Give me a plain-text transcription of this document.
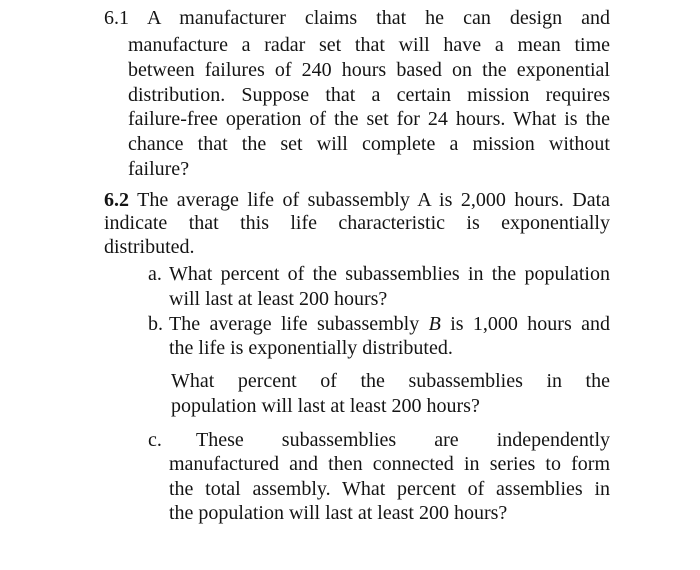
6.1 A manufacturer claims that he can design and
manufacture a radar set that will have a mean time
between failures of 240 hours based on the exponential
distribution. Suppose that a certain mission requires
failure-free operation of the set for 24 hours. What is the
chance that the set will complete a mission without
failure?
6.2 The average life of subassembly A is 2,000 hours. Data
indicate that this life characteristic is exponentially
distributed.
a. What percent of the subassemblies in the population
will last at least 200 hours?
b. The average life subassembly B is 1,000 hours and
the life is exponentially distributed.
What percent of the subassemblies in the
population will last at least 200 hours?
c. These subassemblies are independently
manufactured and then connected in series to form
the total assembly. What percent of assemblies in
the population will last at least 200 hours?
